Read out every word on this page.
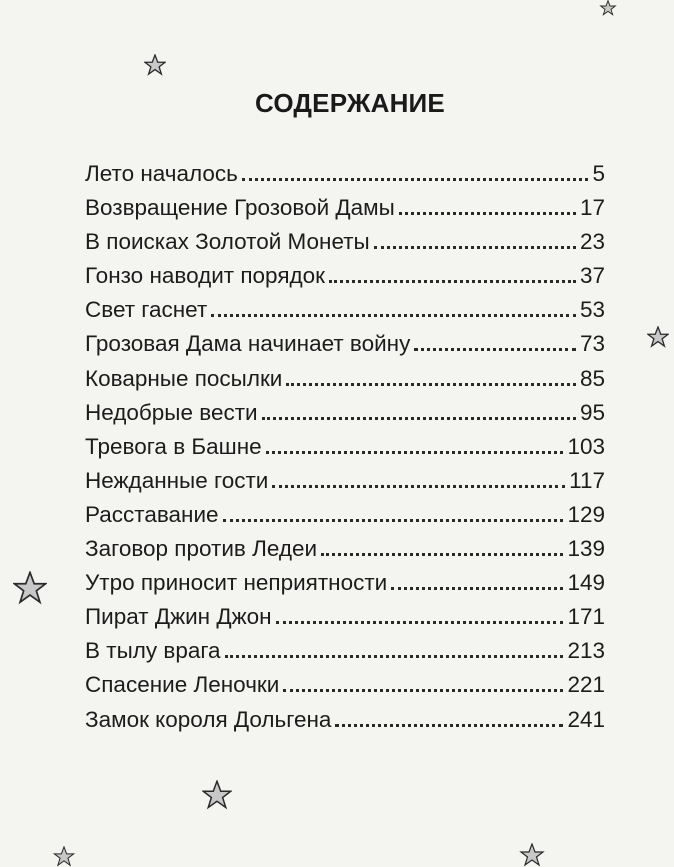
СОДЕРЖАНИЕ
Лето началось	5
Возвращение Грозовой Дамы	17
В поисках Золотой Монеты	23
Гонзо наводит порядок	37
Свет гаснет	53
Грозовая Дама начинает войну	73
Коварные посылки	85
Недобрые вести	95
Тревога в Башне	103
Нежданные гости	117
Расставание	129
Заговор против Ледеи	139
Утро приносит неприятности	149
Пират Джин Джон	171
В тылу врага	213
Спасение Леночки	221
Замок короля Дольгена	241
